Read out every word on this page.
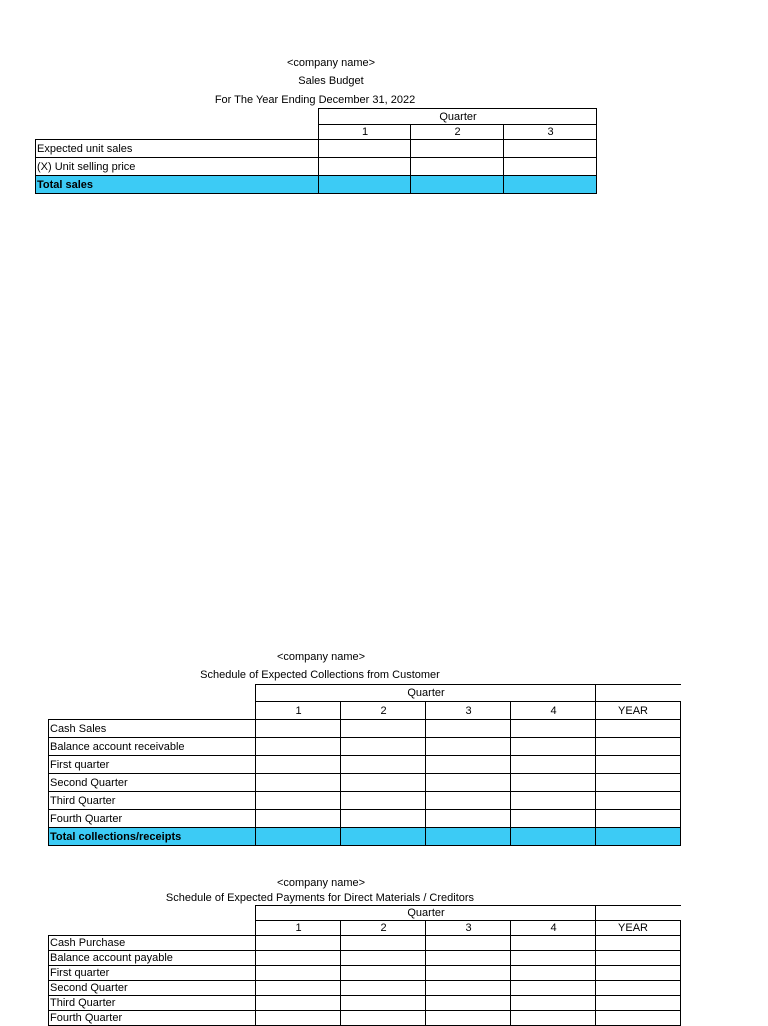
<company name>
Sales Budget
For The Year Ending December 31, 2022
	Quarter		
	1	2	3
Expected unit sales			
(X) Unit selling price			
Total sales			
<company name>
Schedule of Expected Collections from Customer
	Quarter				
	1	2	3	4	YEAR
Cash Sales					
Balance account receivable					
First quarter					
Second Quarter					
Third Quarter					
Fourth Quarter					
Total collections/receipts					
<company name>
Schedule of Expected Payments for Direct Materials / Creditors
	Quarter				
	1	2	3	4	YEAR
Cash Purchase					
Balance account payable					
First quarter					
Second Quarter					
Third Quarter					
Fourth Quarter					
